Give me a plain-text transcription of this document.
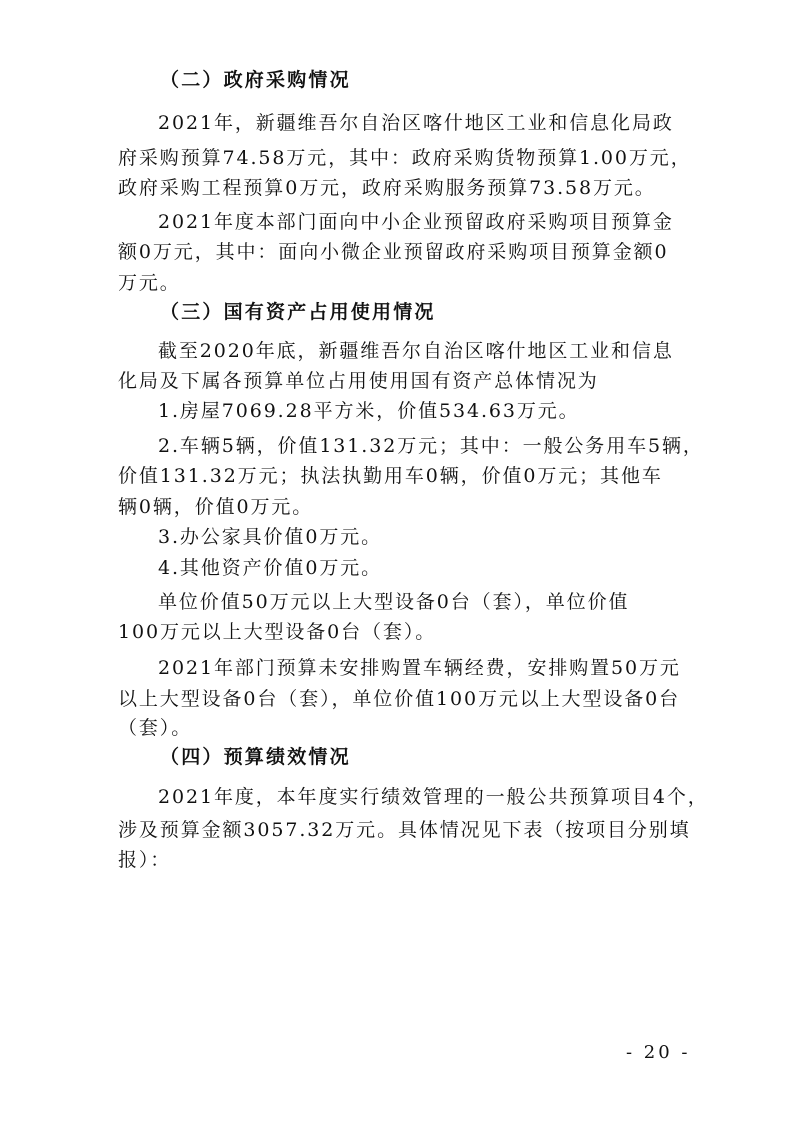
（二）政府采购情况
2021年，新疆维吾尔自治区喀什地区工业和信息化局政
府采购预算74.58万元，其中：政府采购货物预算1.00万元，
政府采购工程预算0万元，政府采购服务预算73.58万元。
2021年度本部门面向中小企业预留政府采购项目预算金
额0万元，其中：面向小微企业预留政府采购项目预算金额0
万元。
（三）国有资产占用使用情况
截至2020年底，新疆维吾尔自治区喀什地区工业和信息
化局及下属各预算单位占用使用国有资产总体情况为
1.房屋7069.28平方米，价值534.63万元。
2.车辆5辆，价值131.32万元；其中：一般公务用车5辆，
价值131.32万元；执法执勤用车0辆，价值0万元；其他车
辆0辆，价值0万元。
3.办公家具价值0万元。
4.其他资产价值0万元。
单位价值50万元以上大型设备0台（套），单位价值
100万元以上大型设备0台（套）。
2021年部门预算未安排购置车辆经费，安排购置50万元
以上大型设备0台（套），单位价值100万元以上大型设备0台
（套）。
（四）预算绩效情况
2021年度，本年度实行绩效管理的一般公共预算项目4个，
涉及预算金额3057.32万元。具体情况见下表（按项目分别填
报）：
- 20 -
